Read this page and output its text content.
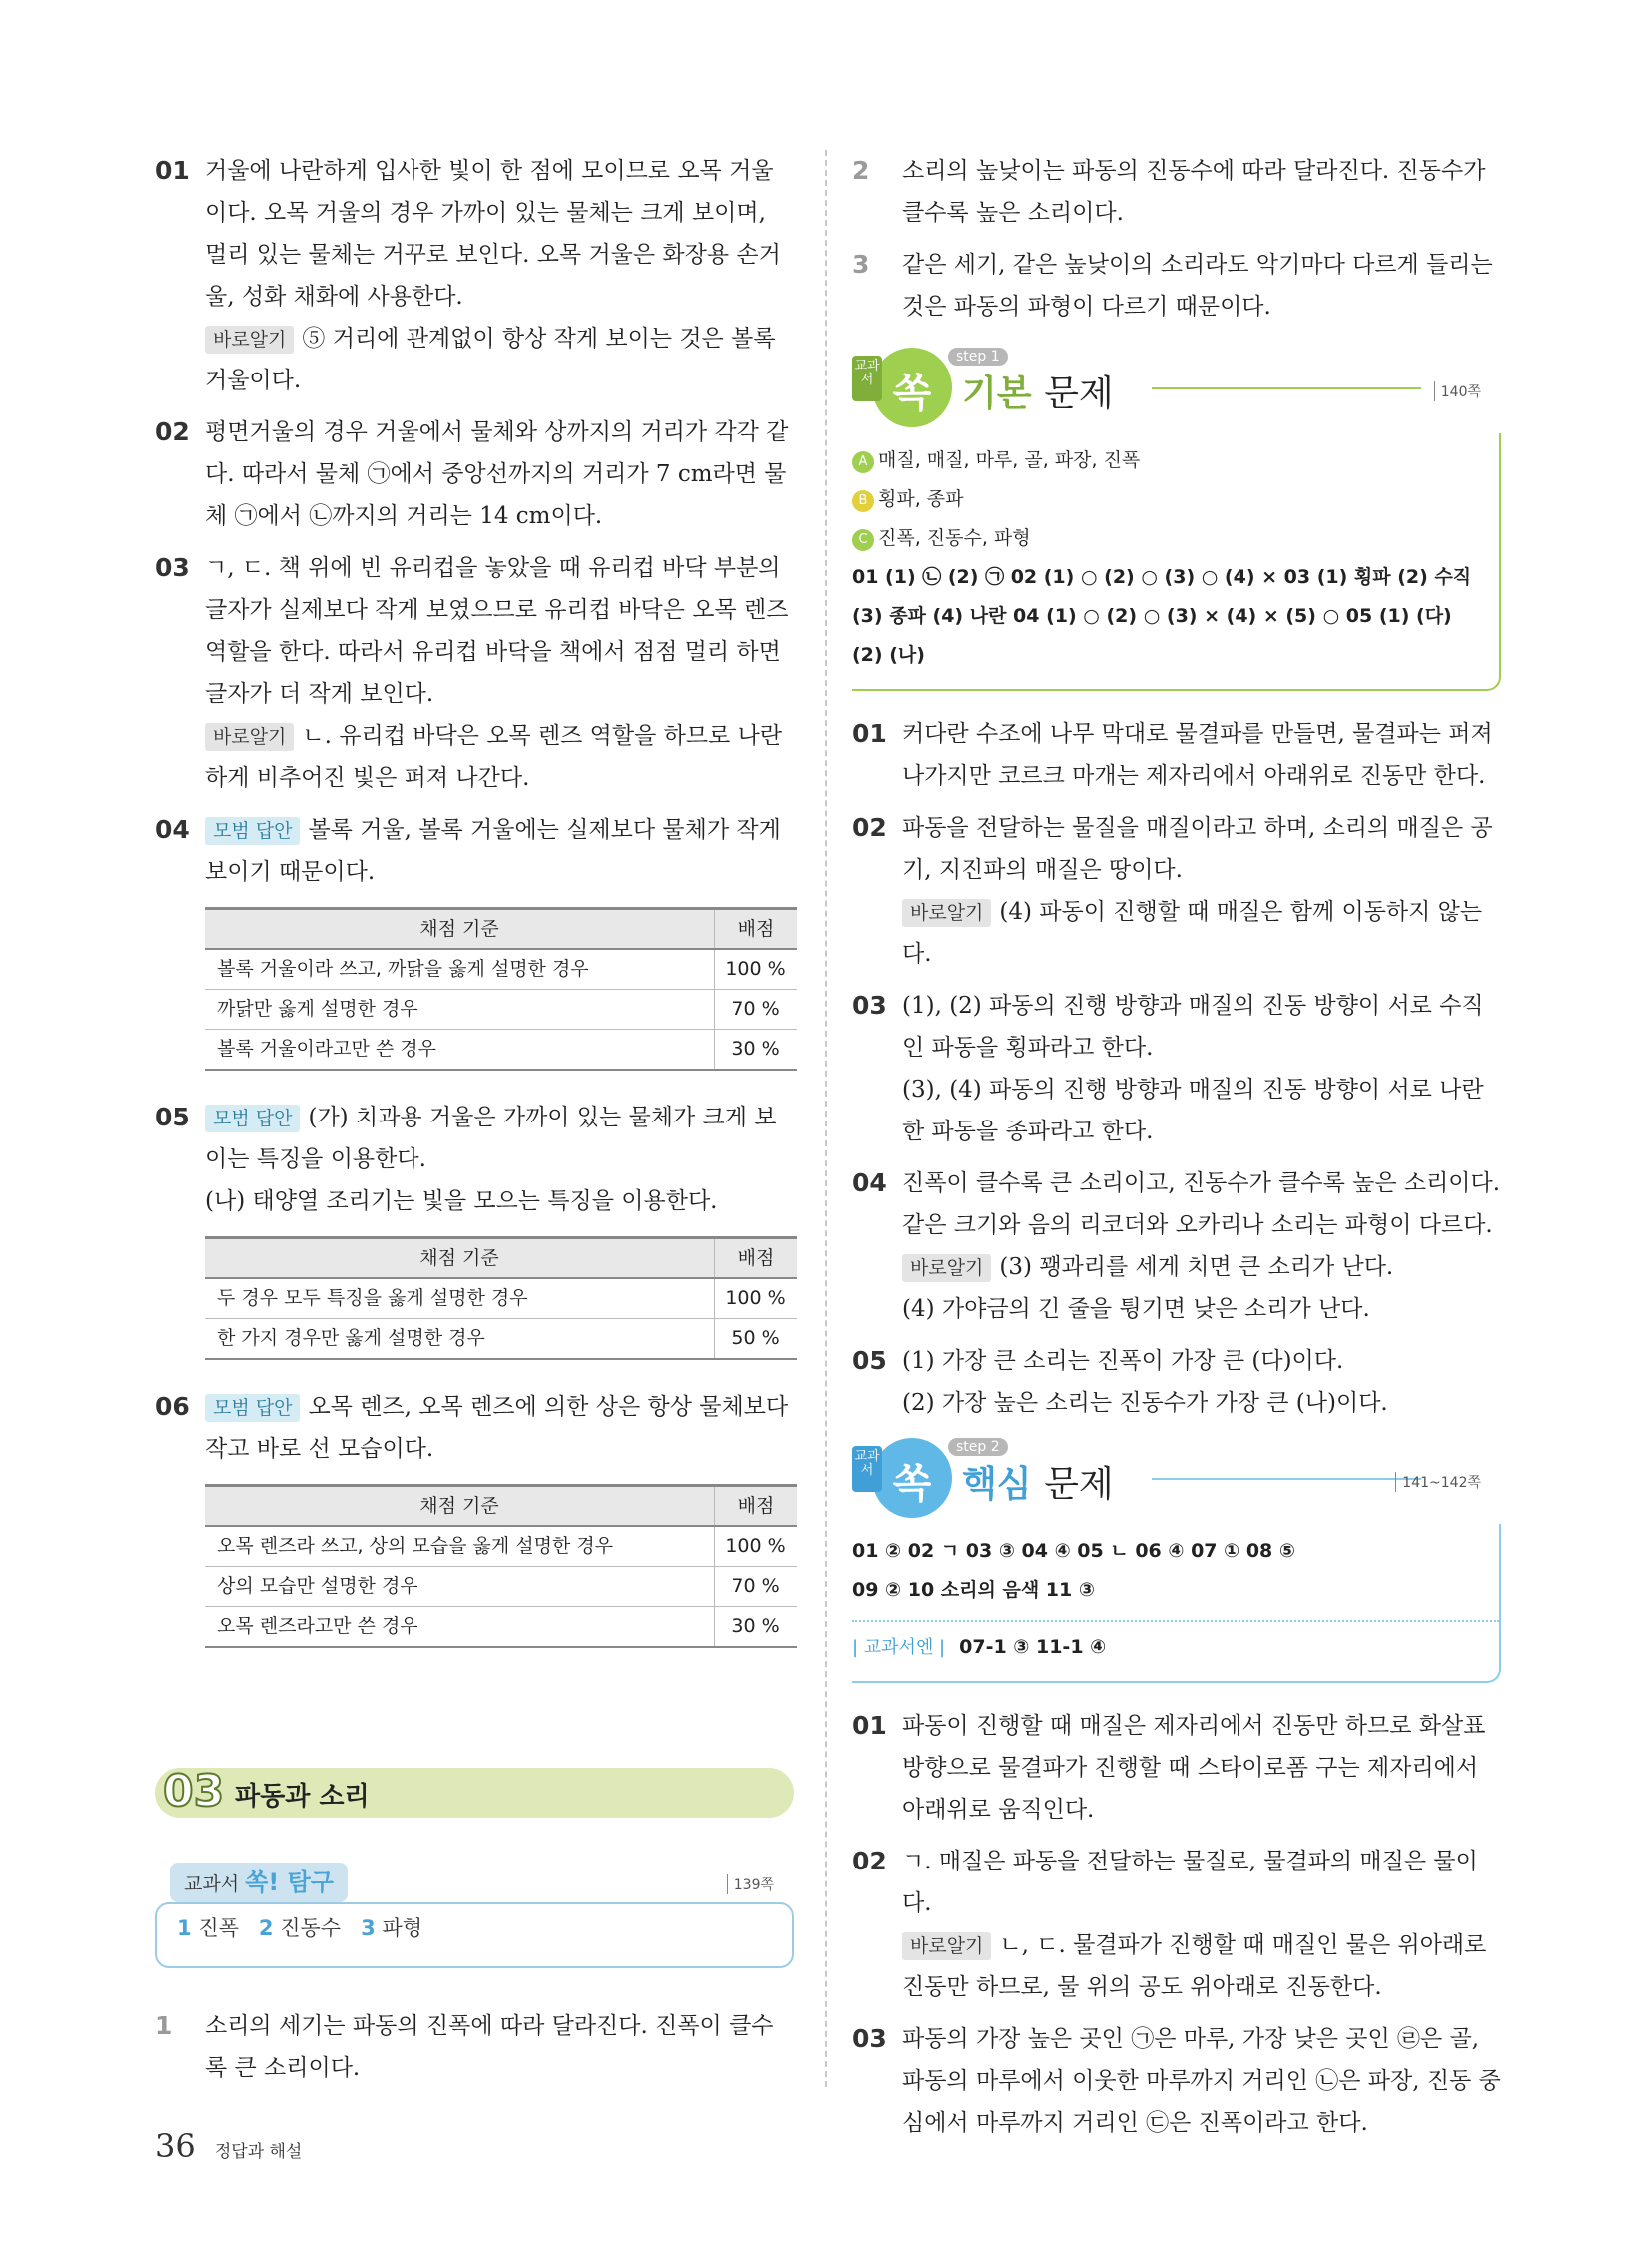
01 거울에 나란하게 입사한 빛이 한 점에 모이므로 오목 거울이다. 오목 거울의 경우 가까이 있는 물체는 크게 보이며, 멀리 있는 물체는 거꾸로 보인다. 오목 거울은 화장용 손거울, 성화 채화에 사용한다.

바로알기 ⑤ 거리에 관계없이 항상 작게 보이는 것은 볼록 거울이다.

02 평면거울의 경우 거울에서 물체와 상까지의 거리가 각각 같다. 따라서 물체 ㉠에서 중앙선까지의 거리가 7 cm라면 물체 ㉠에서 ㉡까지의 거리는 14 cm이다.

03 ㄱ, ㄷ. 책 위에 빈 유리컵을 놓았을 때 유리컵 바닥 부분의 글자가 실제보다 작게 보였으므로 유리컵 바닥은 오목 렌즈 역할을 한다. 따라서 유리컵 바닥을 책에서 점점 멀리 하면 글자가 더 작게 보인다.

바로알기 ㄴ. 유리컵 바닥은 오목 렌즈 역할을 하므로 나란하게 비추어진 빛은 퍼져 나간다.

04	모범 답안 볼록 거울, 볼록 거울에는 실제보다 물체가 작게 보이기 때문이다.

채점 기준	배점
볼록 거울이라 쓰고, 까닭을 옳게 설명한 경우	100 %
까닭만 옳게 설명한 경우	70 %
볼록 거울이라고만 쓴 경우	30 %
05	모범 답안 (가) 치과용 거울은 가까이 있는 물체가 크게 보이는 특징을 이용한다.

(나) 태양열 조리기는 빛을 모으는 특징을 이용한다.

채점 기준	배점
두 경우 모두 특징을 옳게 설명한 경우	100 %
한 가지 경우만 옳게 설명한 경우	50 %
06	모범 답안 오목 렌즈, 오목 렌즈에 의한 상은 항상 물체보다 작고 바로 선 모습이다.

채점 기준	배점
오목 렌즈라 쓰고, 상의 모습을 옳게 설명한 경우	100 %
상의 모습만 설명한 경우	70 %
오목 렌즈라고만 쓴 경우	30 %
03 파동과 소리
교과서 쏙! 탐구	139쪽
1 진폭 2 진동수 3 파형
1 소리의 세기는 파동의 진폭에 따라 달라진다. 진폭이 클수록 큰 소리이다.

2 소리의 높낮이는 파동의 진동수에 따라 달라진다. 진동수가 클수록 높은 소리이다.

3 같은 세기, 같은 높낮이의 소리라도 악기마다 다르게 들리는 것은 파동의 파형이 다르기 때문이다.

쏙
교과서
step 1
기본 문제	140쪽
A 매질, 매질, 마루, 골, 파장, 진폭
B 횡파, 종파
C 진폭, 진동수, 파형
01 (1) ㉡ (2) ㉠ 02 (1) ○ (2) ○ (3) ○ (4) × 03 (1) 횡파 (2) 수직
(3) 종파 (4) 나란 04 (1) ○ (2) ○ (3) × (4) × (5) ○ 05 (1) (다)
(2) (나)
01 커다란 수조에 나무 막대로 물결파를 만들면, 물결파는 퍼져 나가지만 코르크 마개는 제자리에서 아래위로 진동만 한다.

02 파동을 전달하는 물질을 매질이라고 하며, 소리의 매질은 공기, 지진파의 매질은 땅이다.

바로알기 (4) 파동이 진행할 때 매질은 함께 이동하지 않는다.

03 (1), (2) 파동의 진행 방향과 매질의 진동 방향이 서로 수직인 파동을 횡파라고 한다.

(3), (4) 파동의 진행 방향과 매질의 진동 방향이 서로 나란한 파동을 종파라고 한다.

04 진폭이 클수록 큰 소리이고, 진동수가 클수록 높은 소리이다. 같은 크기와 음의 리코더와 오카리나 소리는 파형이 다르다.

바로알기 (3) 꽹과리를 세게 치면 큰 소리가 난다.

(4) 가야금의 긴 줄을 튕기면 낮은 소리가 난다.

05 (1) 가장 큰 소리는 진폭이 가장 큰 (다)이다.

(2) 가장 높은 소리는 진동수가 가장 큰 (나)이다.

쏙
교과서
step 2
핵심 문제	141~142쪽
01 ② 02 ㄱ 03 ③ 04 ④ 05 ㄴ 06 ④ 07 ① 08 ⑤
09 ② 10 소리의 음색 11 ③
| 교과서엔 | 07-1 ③ 11-1 ④
01 파동이 진행할 때 매질은 제자리에서 진동만 하므로 화살표 방향으로 물결파가 진행할 때 스타이로폼 구는 제자리에서 아래위로 움직인다.

02 ㄱ. 매질은 파동을 전달하는 물질로, 물결파의 매질은 물이다.

바로알기 ㄴ, ㄷ. 물결파가 진행할 때 매질인 물은 위아래로 진동만 하므로, 물 위의 공도 위아래로 진동한다.

03 파동의 가장 높은 곳인 ㉠은 마루, 가장 낮은 곳인 ㉣은 골, 파동의 마루에서 이웃한 마루까지 거리인 ㉡은 파장, 진동 중심에서 마루까지 거리인 ㉢은 진폭이라고 한다.

36 정답과 해설
